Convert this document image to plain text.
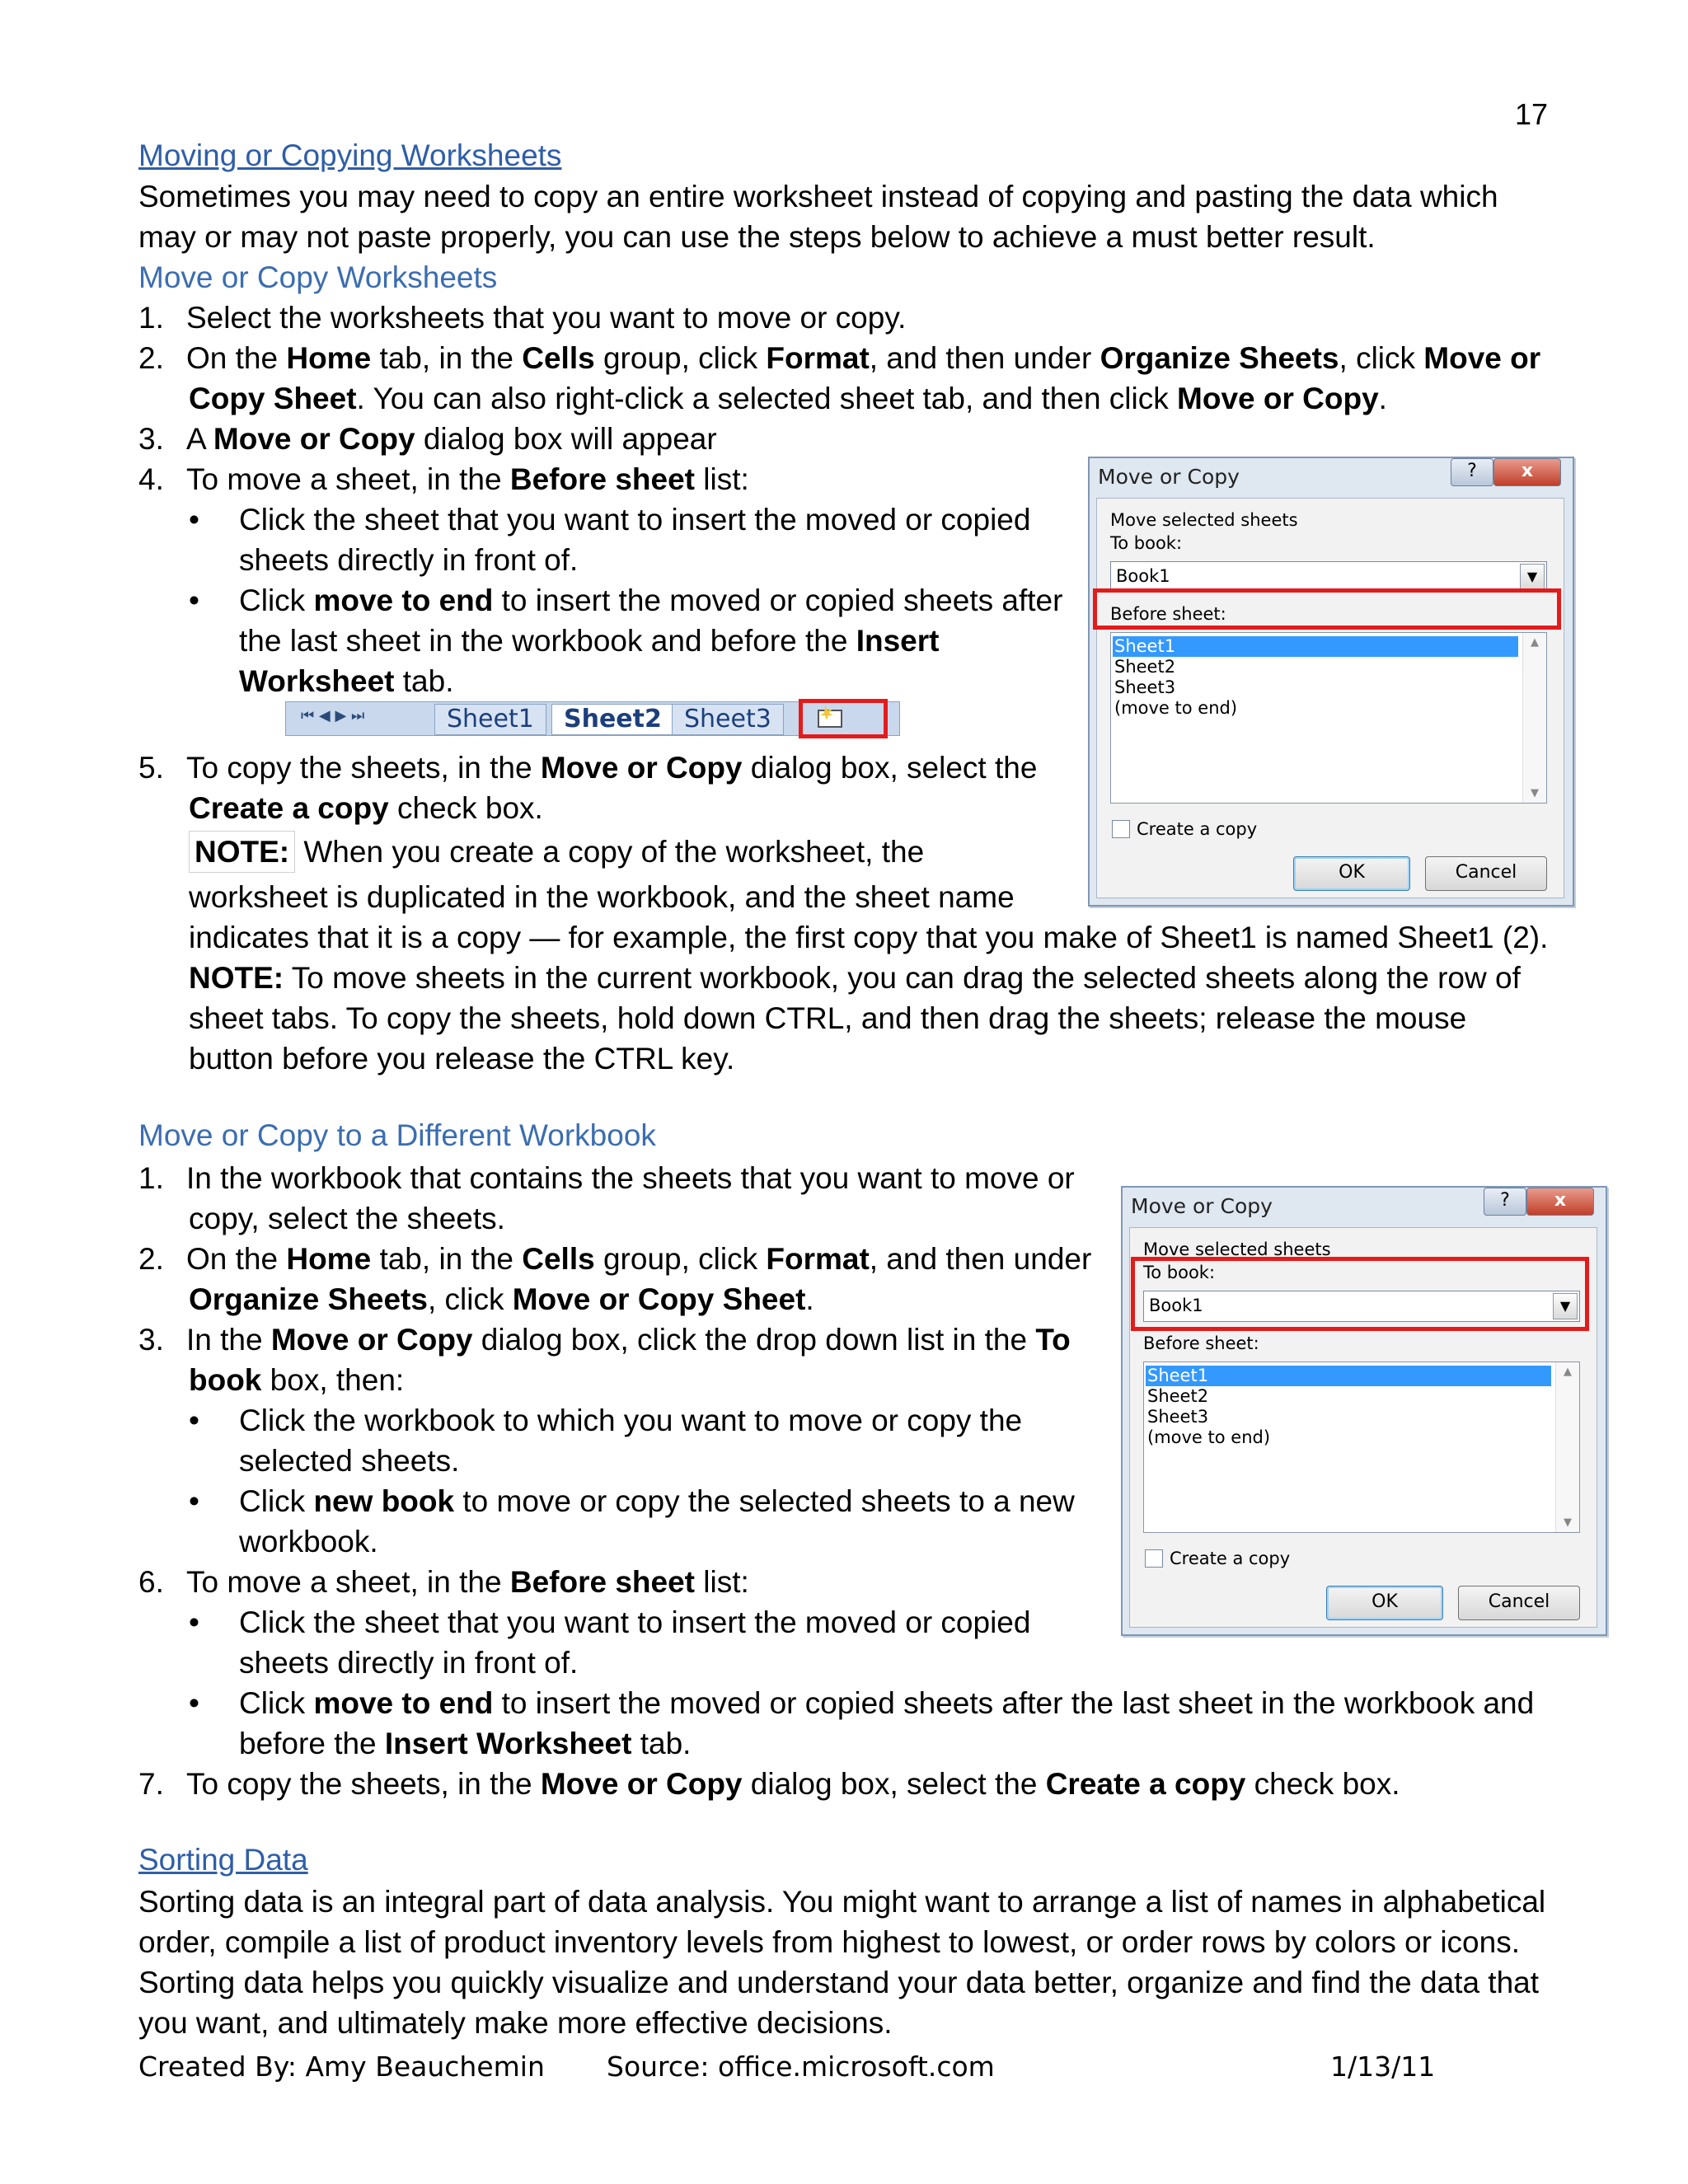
17
Moving or Copying Worksheets
Sometimes you may need to copy an entire worksheet instead of copying and pasting the data which
may or may not paste properly, you can use the steps below to achieve a must better result.
Move or Copy Worksheets
1. Select the worksheets that you want to move or copy.
2. On the Home tab, in the Cells group, click Format, and then under Organize Sheets, click Move or
Copy Sheet. You can also right-click a selected sheet tab, and then click Move or Copy.
3. A Move or Copy dialog box will appear
4. To move a sheet, in the Before sheet list:
• Click the sheet that you want to insert the moved or copied
sheets directly in front of.
• Click move to end to insert the moved or copied sheets after
the last sheet in the workbook and before the Insert
Worksheet tab.
⏮ ◀ ▶ ⏭	Sheet1	Sheet2 Sheet3
5. To copy the sheets, in the Move or Copy dialog box, select the
Create a copy check box.
NOTE: When you create a copy of the worksheet, the
worksheet is duplicated in the workbook, and the sheet name
indicates that it is a copy — for example, the first copy that you make of Sheet1 is named Sheet1 (2).
NOTE: To move sheets in the current workbook, you can drag the selected sheets along the row of
sheet tabs. To copy the sheets, hold down CTRL, and then drag the sheets; release the mouse
button before you release the CTRL key.
Move or Copy	?	x
Move selected sheets
To book:
Book1	▼
Before sheet:
Sheet1
Sheet2
Sheet3
(move to end)
▲
▼
Create a copy
OK	Cancel
Move or Copy to a Different Workbook
1. In the workbook that contains the sheets that you want to move or
copy, select the sheets.
2. On the Home tab, in the Cells group, click Format, and then under
Organize Sheets, click Move or Copy Sheet.
3. In the Move or Copy dialog box, click the drop down list in the To
book box, then:
• Click the workbook to which you want to move or copy the
selected sheets.
• Click new book to move or copy the selected sheets to a new
workbook.
6. To move a sheet, in the Before sheet list:
• Click the sheet that you want to insert the moved or copied
sheets directly in front of.
• Click move to end to insert the moved or copied sheets after the last sheet in the workbook and
before the Insert Worksheet tab.
7. To copy the sheets, in the Move or Copy dialog box, select the Create a copy check box.
Move or Copy	?	x
Move selected sheets
To book:
Book1	▼
Before sheet:
Sheet1
Sheet2
Sheet3
(move to end)
▲
▼
Create a copy
OK	Cancel
Sorting Data
Sorting data is an integral part of data analysis. You might want to arrange a list of names in alphabetical
order, compile a list of product inventory levels from highest to lowest, or order rows by colors or icons.
Sorting data helps you quickly visualize and understand your data better, organize and find the data that
you want, and ultimately make more effective decisions.
Created By: Amy Beauchemin Source: office.microsoft.com	1/13/11
